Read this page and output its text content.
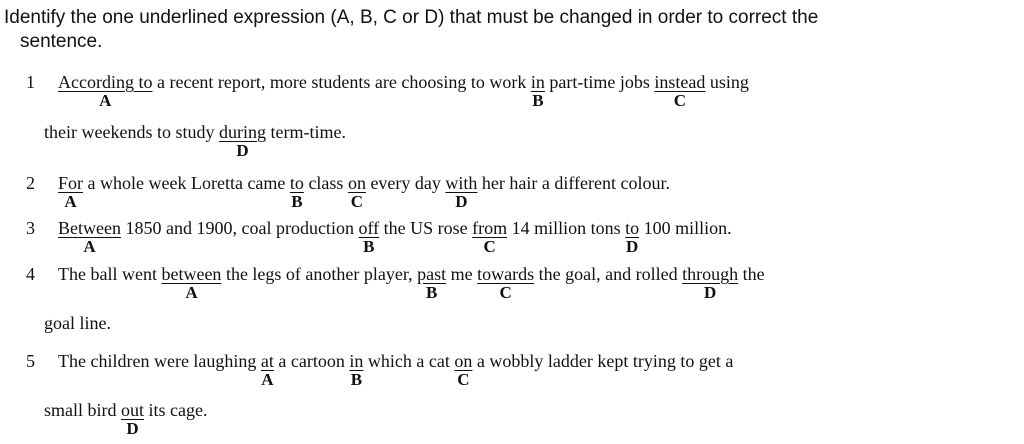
Identify the one underlined expression (A, B, C or D) that must be changed in order to correct the
sentence.
1 According to
A
a recent report, more students are choosing to work in
B
part-time jobs instead
C
using
their weekends to study during
D
term-time.
2 For
A
a whole week Loretta came to
B
class on
C
every day with
D
her hair a different colour.
3 Between
A
1850 and 1900, coal production off
B
the US rose from
C
14 million tons to
D
100 million.
4 The ball went between
A
the legs of another player, past
B
me towards
C
the goal, and rolled through
D
the
goal line.
5 The children were laughing at
A
a cartoon in
B
which a cat on
C
a wobbly ladder kept trying to get a
small bird out
D
its cage.
